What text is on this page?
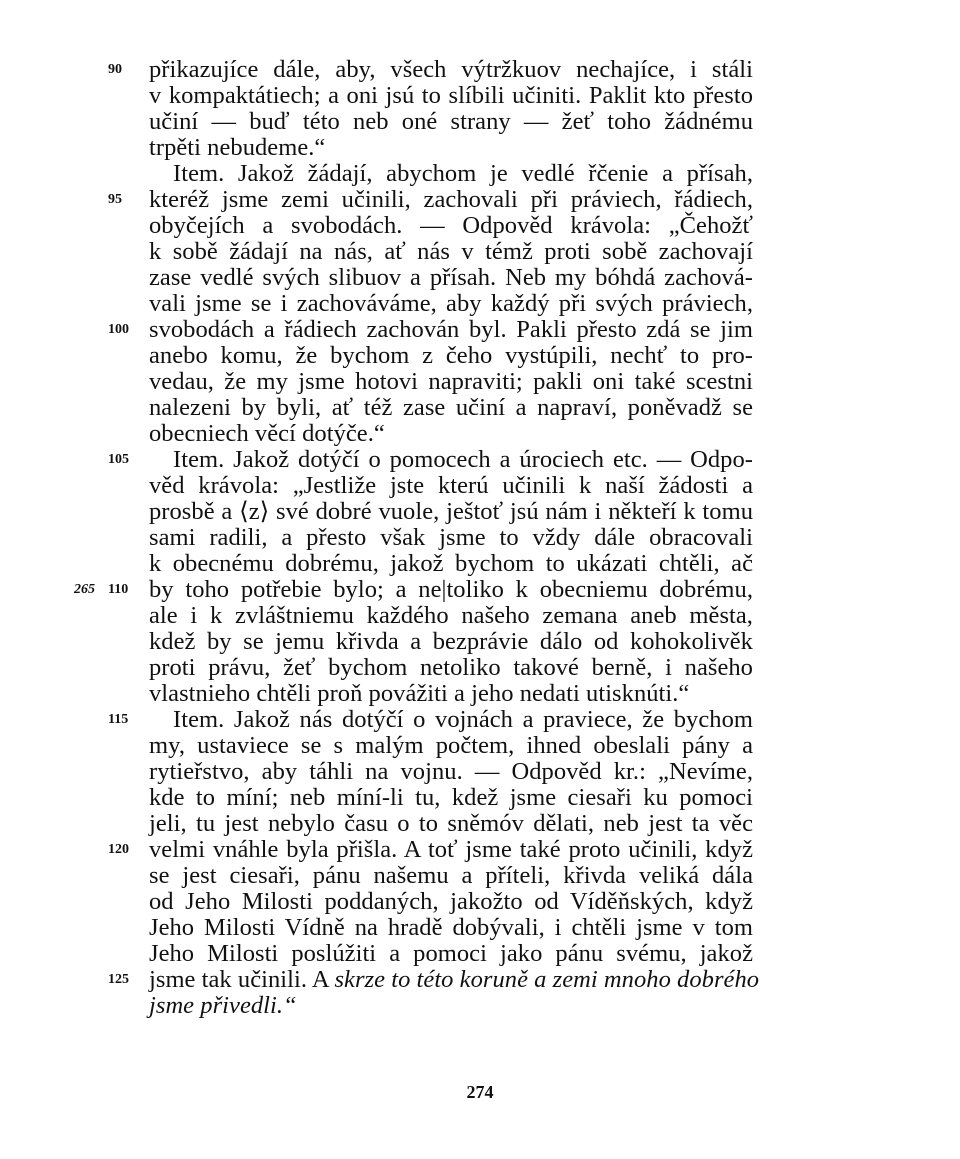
90
95
100
105
110
115
120
125
265
přikazujíce dále, aby, všech výtržkuov nechajíce, i stáli
v kompaktátiech; a oni jsú to slíbili učiniti. Paklit kto přesto
učiní — buď této neb oné strany — žeť toho žádnému
trpěti nebudeme.“
Item. Jakož žádají, abychom je vedlé řčenie a přísah,
kteréž jsme zemi učinili, zachovali při práviech, řádiech,
obyčejích a svobodách. — Odpověd krávola: „Čehožť
k sobě žádají na nás, ať nás v témž proti sobě zachovají
zase vedlé svých slibuov a přísah. Neb my bóhdá zachová-
vali jsme se i zachováváme, aby každý při svých práviech,
svobodách a řádiech zachován byl. Pakli přesto zdá se jim
anebo komu, že bychom z čeho vystúpili, nechť to pro-
vedau, že my jsme hotovi napraviti; pakli oni také scestni
nalezeni by byli, ať též zase učiní a napraví, poněvadž se
obecniech věcí dotýče.“
Item. Jakož dotýčí o pomocech a úrociech etc. — Odpo-
věd krávola: „Jestliže jste kterú učinili k naší žádosti a
prosbě a ⟨z⟩ své dobré vuole, ještoť jsú nám i někteří k tomu
sami radili, a přesto však jsme to vždy dále obracovali
k obecnému dobrému, jakož bychom to ukázati chtěli, ač
by toho potřebie bylo; a ne|toliko k obecniemu dobrému,
ale i k zvláštniemu každého našeho zemana aneb města,
kdež by se jemu křivda a bezprávie dálo od kohokolivěk
proti právu, žeť bychom netoliko takové berně, i našeho
vlastnieho chtěli proň povážiti a jeho nedati utisknúti.“
Item. Jakož nás dotýčí o vojnách a praviece, že bychom
my, ustaviece se s malým počtem, ihned obeslali pány a
rytieřstvo, aby táhli na vojnu. — Odpověd kr.: „Nevíme,
kde to míní; neb míní-li tu, kdež jsme ciesaři ku pomoci
jeli, tu jest nebylo času o to sněmóv dělati, neb jest ta věc
velmi vnáhle byla přišla. A toť jsme také proto učinili, když
se jest ciesaři, pánu našemu a příteli, křivda veliká dála
od Jeho Milosti poddaných, jakožto od Víděňských, když
Jeho Milosti Vídně na hradě dobývali, i chtěli jsme v tom
Jeho Milosti poslúžiti a pomoci jako pánu svému, jakož
jsme tak učinili. A skrze to této koruně a zemi mnoho dobrého
jsme přivedli.“
274
